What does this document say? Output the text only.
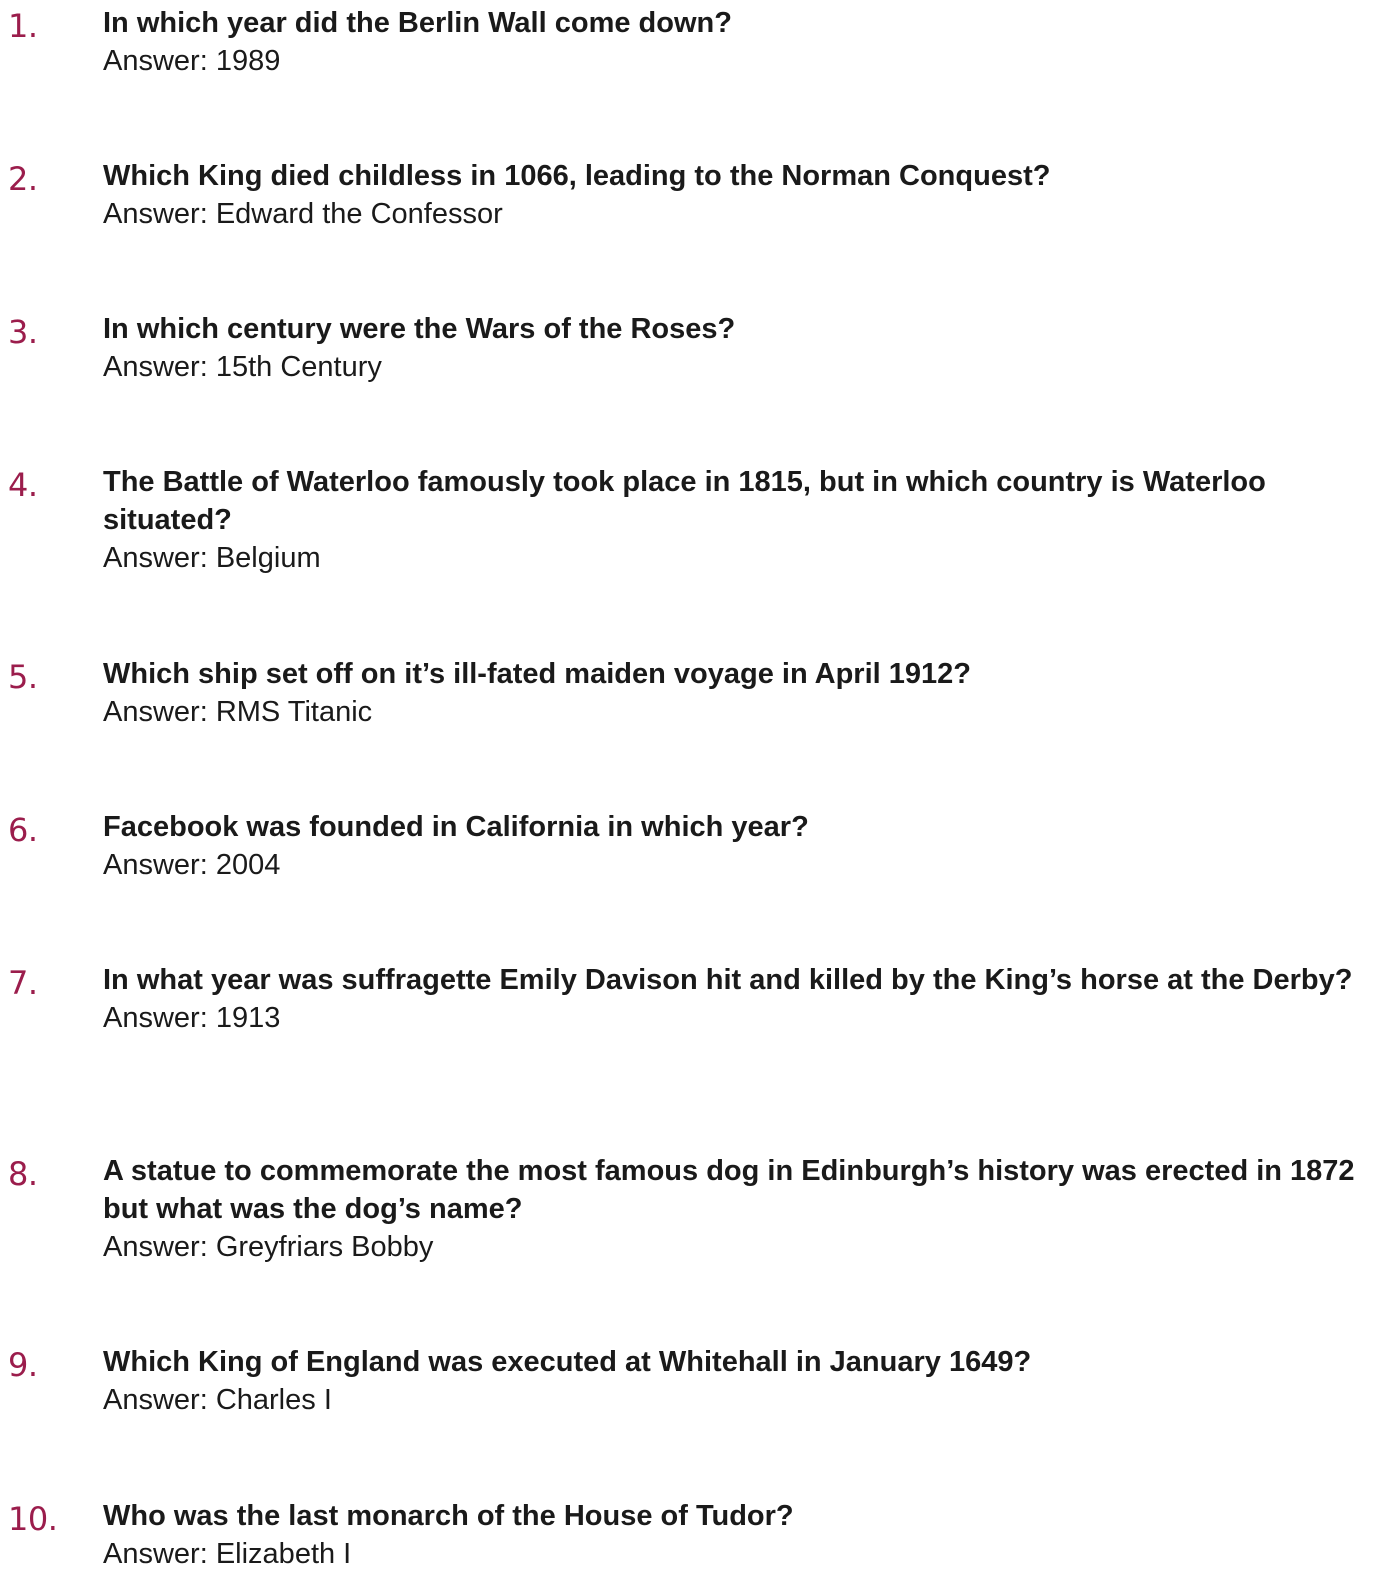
1. In which year did the Berlin Wall come down?
Answer: 1989
2. Which King died childless in 1066, leading to the Norman Conquest?
Answer: Edward the Confessor
3. In which century were the Wars of the Roses?
Answer: 15th Century
4. The Battle of Waterloo famously took place in 1815, but in which country is Waterloo situated?
Answer: Belgium
5. Which ship set off on it’s ill-fated maiden voyage in April 1912?
Answer: RMS Titanic
6. Facebook was founded in California in which year?
Answer: 2004
7. In what year was suffragette Emily Davison hit and killed by the King’s horse at the Derby?
Answer: 1913
8. A statue to commemorate the most famous dog in Edinburgh’s history was erected in 1872 but what was the dog’s name?
Answer: Greyfriars Bobby
9. Which King of England was executed at Whitehall in January 1649?
Answer: Charles I
10. Who was the last monarch of the House of Tudor?
Answer: Elizabeth I
